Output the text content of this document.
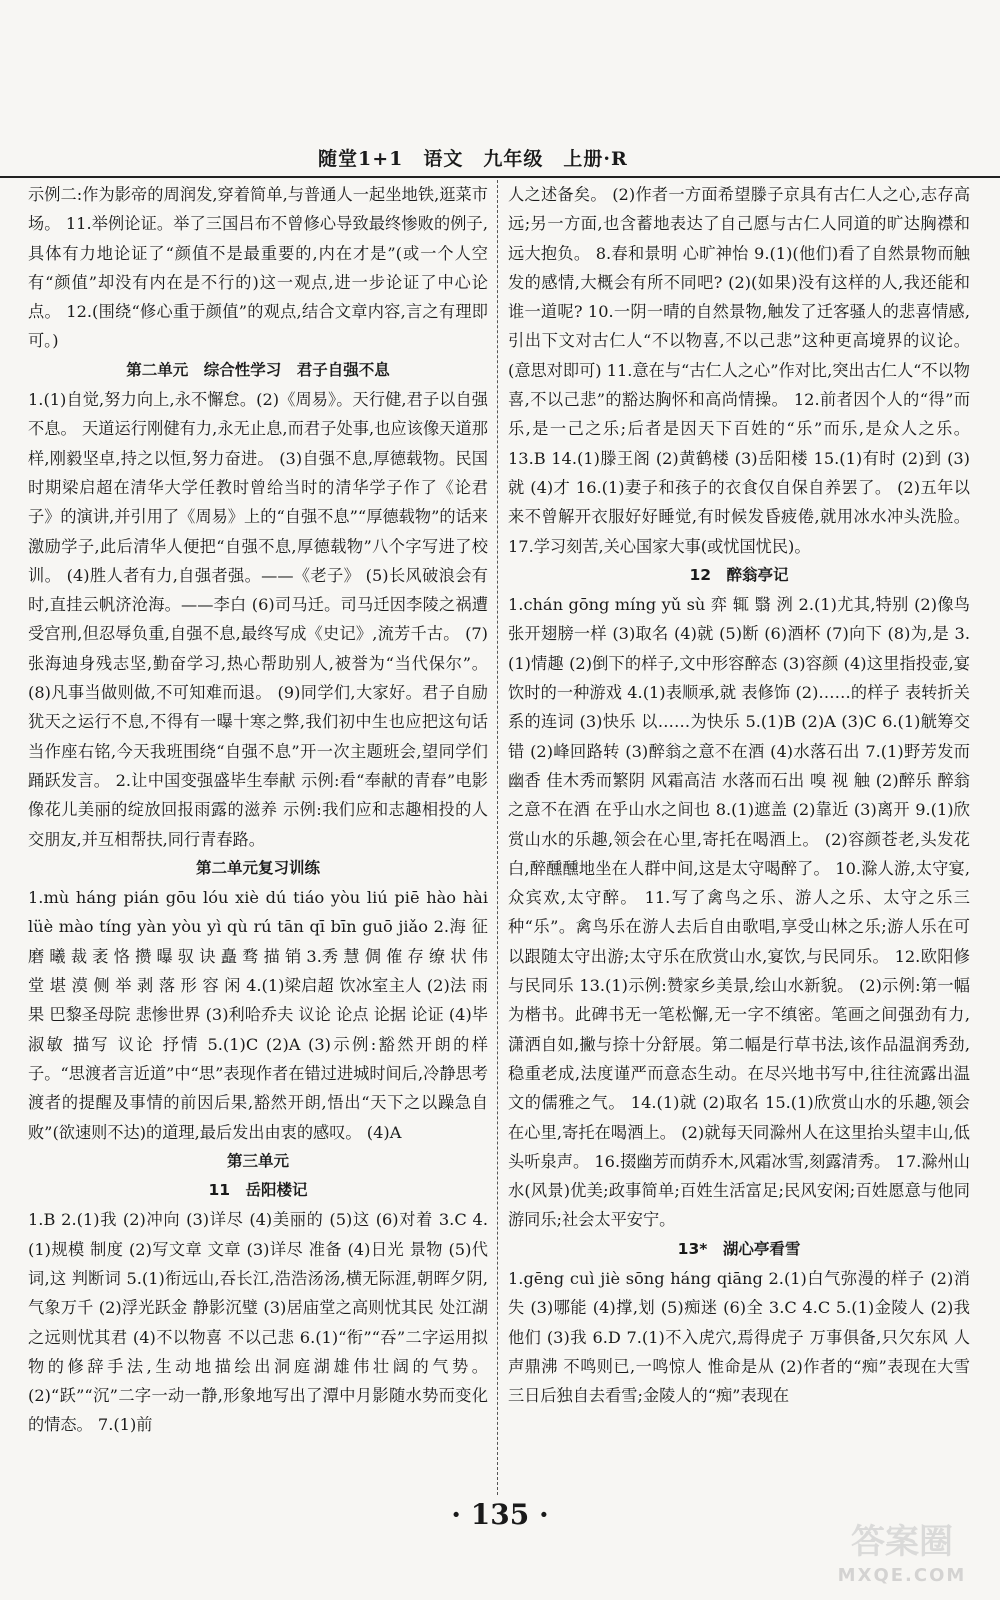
随堂1+1　语文　九年级　上册·R

示例二:作为影帝的周润发,穿着简单,与普通人一起坐地铁,逛菜市场。 11.举例论证。举了三国吕布不曾修心导致最终惨败的例子,具体有力地论证了“颜值不是最重要的,内在才是”(或一个人空有“颜值”却没有内在是不行的)这一观点,进一步论证了中心论点。 12.(围绕“修心重于颜值”的观点,结合文章内容,言之有理即可。)

第二单元　综合性学习　君子自强不息

1.(1)自觉,努力向上,永不懈怠。(2)《周易》。天行健,君子以自强不息。 天道运行刚健有力,永无止息,而君子处事,也应该像天道那样,刚毅坚卓,持之以恒,努力奋进。 (3)自强不息,厚德载物。民国时期梁启超在清华大学任教时曾给当时的清华学子作了《论君子》的演讲,并引用了《周易》上的“自强不息”“厚德载物”的话来激励学子,此后清华人便把“自强不息,厚德载物”八个字写进了校训。 (4)胜人者有力,自强者强。——《老子》 (5)长风破浪会有时,直挂云帆济沧海。——李白 (6)司马迁。司马迁因李陵之祸遭受宫刑,但忍辱负重,自强不息,最终写成《史记》,流芳千古。 (7)张海迪身残志坚,勤奋学习,热心帮助别人,被誉为“当代保尔”。 (8)凡事当做则做,不可知难而退。 (9)同学们,大家好。君子自励犹天之运行不息,不得有一曝十寒之弊,我们初中生也应把这句话当作座右铭,今天我班围绕“自强不息”开一次主题班会,望同学们踊跃发言。 2.让中国变强盛毕生奉献 示例:看“奉献的青春”电影 像花儿美丽的绽放回报雨露的滋养 示例:我们应和志趣相投的人交朋友,并互相帮扶,同行青春路。

第二单元复习训练

1.mù háng pián gōu lóu xiè dú tiáo yòu liú piē hào hài lüè mào tíng yàn yòu yì qù rú tān qī bīn guō jiǎo 2.海 征 磨 曦 裁 袤 恪 攒 曝 驭 诀 矗 骛 描 销 3.秀 慧 倜 傕 存 缭 状 伟 堂 堪 漠 侧 举 剥 落 形 容 闲 4.(1)梁启超 饮冰室主人 (2)法 雨果 巴黎圣母院 悲惨世界 (3)利哈乔夫 议论 论点 论据 论证 (4)毕淑敏 描写 议论 抒情 5.(1)C (2)A (3)示例:豁然开朗的样子。“思渡者言近道”中“思”表现作者在错过进城时间后,冷静思考渡者的提醒及事情的前因后果,豁然开朗,悟出“天下之以躁急自败”(欲速则不达)的道理,最后发出由衷的感叹。 (4)A

第三单元

11　岳阳楼记

1.B 2.(1)我 (2)冲向 (3)详尽 (4)美丽的 (5)这 (6)对着 3.C 4.(1)规模 制度 (2)写文章 文章 (3)详尽 准备 (4)日光 景物 (5)代词,这 判断词 5.(1)衔远山,吞长江,浩浩汤汤,横无际涯,朝晖夕阴,气象万千 (2)浮光跃金 静影沉璧 (3)居庙堂之高则忧其民 处江湖之远则忧其君 (4)不以物喜 不以己悲 6.(1)“衔”“吞”二字运用拟物的修辞手法,生动地描绘出洞庭湖雄伟壮阔的气势。 (2)“跃”“沉”二字一动一静,形象地写出了潭中月影随水势而变化的情态。 7.(1)前

人之述备矣。 (2)作者一方面希望滕子京具有古仁人之心,志存高远;另一方面,也含蓄地表达了自己愿与古仁人同道的旷达胸襟和远大抱负。 8.春和景明 心旷神怡 9.(1)(他们)看了自然景物而触发的感情,大概会有所不同吧? (2)(如果)没有这样的人,我还能和谁一道呢? 10.一阴一晴的自然景物,触发了迁客骚人的悲喜情感,引出下文对古仁人“不以物喜,不以己悲”这种更高境界的议论。(意思对即可) 11.意在与“古仁人之心”作对比,突出古仁人“不以物喜,不以己悲”的豁达胸怀和高尚情操。 12.前者因个人的“得”而乐,是一己之乐;后者是因天下百姓的“乐”而乐,是众人之乐。 13.B 14.(1)滕王阁 (2)黄鹤楼 (3)岳阳楼 15.(1)有时 (2)到 (3)就 (4)才 16.(1)妻子和孩子的衣食仅自保自养罢了。 (2)五年以来不曾解开衣服好好睡觉,有时候发昏疲倦,就用冰水冲头洗脸。 17.学习刻苦,关心国家大事(或忧国忧民)。

12　醉翁亭记

1.chán gōng míng yǔ sù 弈 辄 翳 洌 2.(1)尤其,特别 (2)像鸟张开翅膀一样 (3)取名 (4)就 (5)断 (6)酒杯 (7)向下 (8)为,是 3.(1)情趣 (2)倒下的样子,文中形容醉态 (3)容颜 (4)这里指投壶,宴饮时的一种游戏 4.(1)表顺承,就 表修饰 (2)……的样子 表转折关系的连词 (3)快乐 以……为快乐 5.(1)B (2)A (3)C 6.(1)觥筹交错 (2)峰回路转 (3)醉翁之意不在酒 (4)水落石出 7.(1)野芳发而幽香 佳木秀而繁阴 风霜高洁 水落而石出 嗅 视 触 (2)醉乐 醉翁之意不在酒 在乎山水之间也 8.(1)遮盖 (2)靠近 (3)离开 9.(1)欣赏山水的乐趣,领会在心里,寄托在喝酒上。 (2)容颜苍老,头发花白,醉醺醺地坐在人群中间,这是太守喝醉了。 10.滁人游,太守宴,众宾欢,太守醉。 11.写了禽鸟之乐、游人之乐、太守之乐三种“乐”。禽鸟乐在游人去后自由歌唱,享受山林之乐;游人乐在可以跟随太守出游;太守乐在欣赏山水,宴饮,与民同乐。 12.欧阳修与民同乐 13.(1)示例:赞家乡美景,绘山水新貌。 (2)示例:第一幅为楷书。此碑书无一笔松懈,无一字不缜密。笔画之间强劲有力,潇洒自如,撇与捺十分舒展。第二幅是行草书法,该作品温润秀劲,稳重老成,法度谨严而意态生动。在尽兴地书写中,往往流露出温文的儒雅之气。 14.(1)就 (2)取名 15.(1)欣赏山水的乐趣,领会在心里,寄托在喝酒上。 (2)就每天同滁州人在这里抬头望丰山,低头听泉声。 16.掇幽芳而荫乔木,风霜冰雪,刻露清秀。 17.滁州山水(风景)优美;政事简单;百姓生活富足;民风安闲;百姓愿意与他同游同乐;社会太平安宁。

13*　湖心亭看雪

1.gēng cuì jiè sōng háng qiāng 2.(1)白气弥漫的样子 (2)消失 (3)哪能 (4)撑,划 (5)痴迷 (6)全 3.C 4.C 5.(1)金陵人 (2)我 他们 (3)我 6.D 7.(1)不入虎穴,焉得虎子 万事俱备,只欠东风 人声鼎沸 不鸣则已,一鸣惊人 惟命是从 (2)作者的“痴”表现在大雪三日后独自去看雪;金陵人的“痴”表现在

· 135 ·
答案圈
MXQE.COM
